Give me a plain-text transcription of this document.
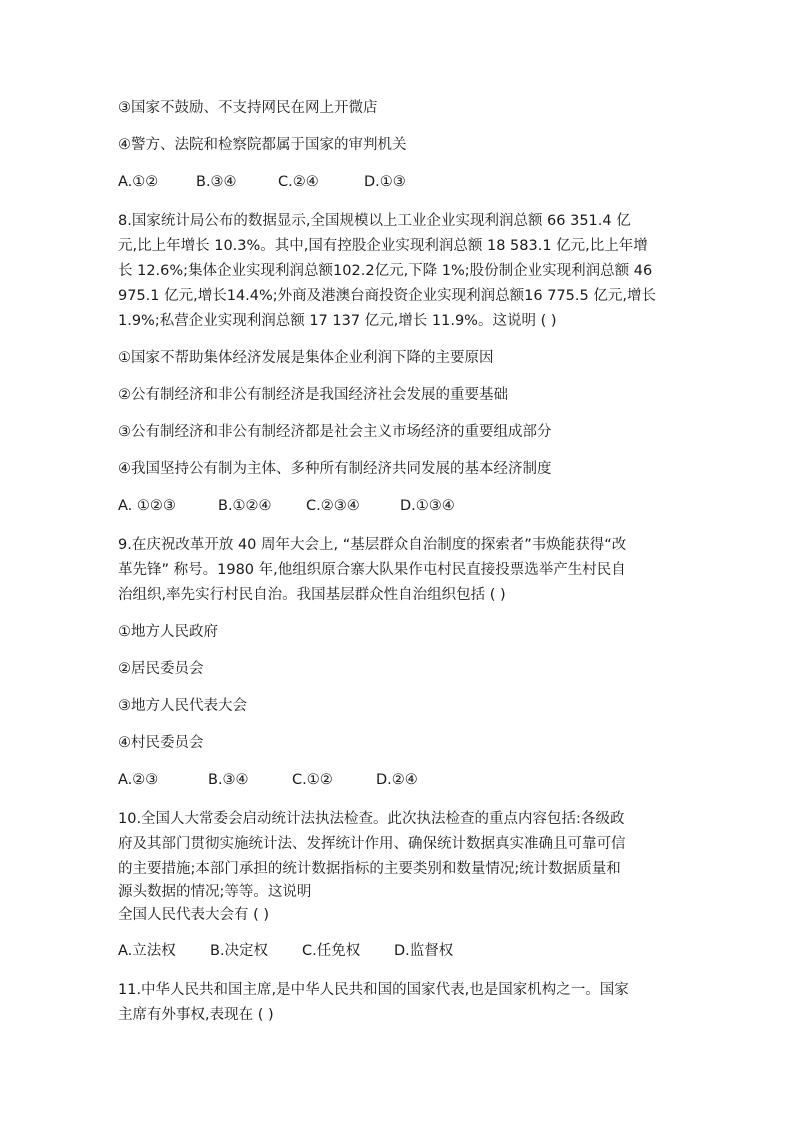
③国家不鼓励、不支持网民在网上开微店

④警方、法院和检察院都属于国家的审判机关

A.①②	B.③④	C.②④	D.①③

8.国家统计局公布的数据显示,全国规模以上工业企业实现利润总额 66 351.4 亿

元,比上年增长 10.3%。其中,国有控股企业实现利润总额 18 583.1 亿元,比上年增

长 12.6%;集体企业实现利润总额102.2亿元,下降 1%;股份制企业实现利润总额 46

975.1 亿元,增长14.4%;外商及港澳台商投资企业实现利润总额16 775.5 亿元,增长

1.9%;私营企业实现利润总额 17 137 亿元,增长 11.9%。这说明 ( )

①国家不帮助集体经济发展是集体企业利润下降的主要原因

②公有制经济和非公有制经济是我国经济社会发展的重要基础

③公有制经济和非公有制经济都是社会主义市场经济的重要组成部分

④我国坚持公有制为主体、多种所有制经济共同发展的基本经济制度

A. ①②③	B.①②④	C.②③④	D.①③④

9.在庆祝改革开放 40 周年大会上, “基层群众自治制度的探索者”韦焕能获得“改

革先锋” 称号。1980 年,他组织原合寨大队果作屯村民直接投票选举产生村民自

治组织,率先实行村民自治。我国基层群众性自治组织包括 ( )

①地方人民政府

②居民委员会

③地方人民代表大会

④村民委员会

A.②③	B.③④	C.①②	D.②④

10.全国人大常委会启动统计法执法检查。此次执法检查的重点内容包括:各级政

府及其部门贯彻实施统计法、发挥统计作用、确保统计数据真实准确且可靠可信

的主要措施;本部门承担的统计数据指标的主要类别和数量情况;统计数据质量和

源头数据的情况;等等。这说明

全国人民代表大会有 ( )

A.立法权	B.决定权	C.任免权	D.监督权

11.中华人民共和国主席,是中华人民共和国的国家代表,也是国家机构之一。国家

主席有外事权,表现在 ( )
